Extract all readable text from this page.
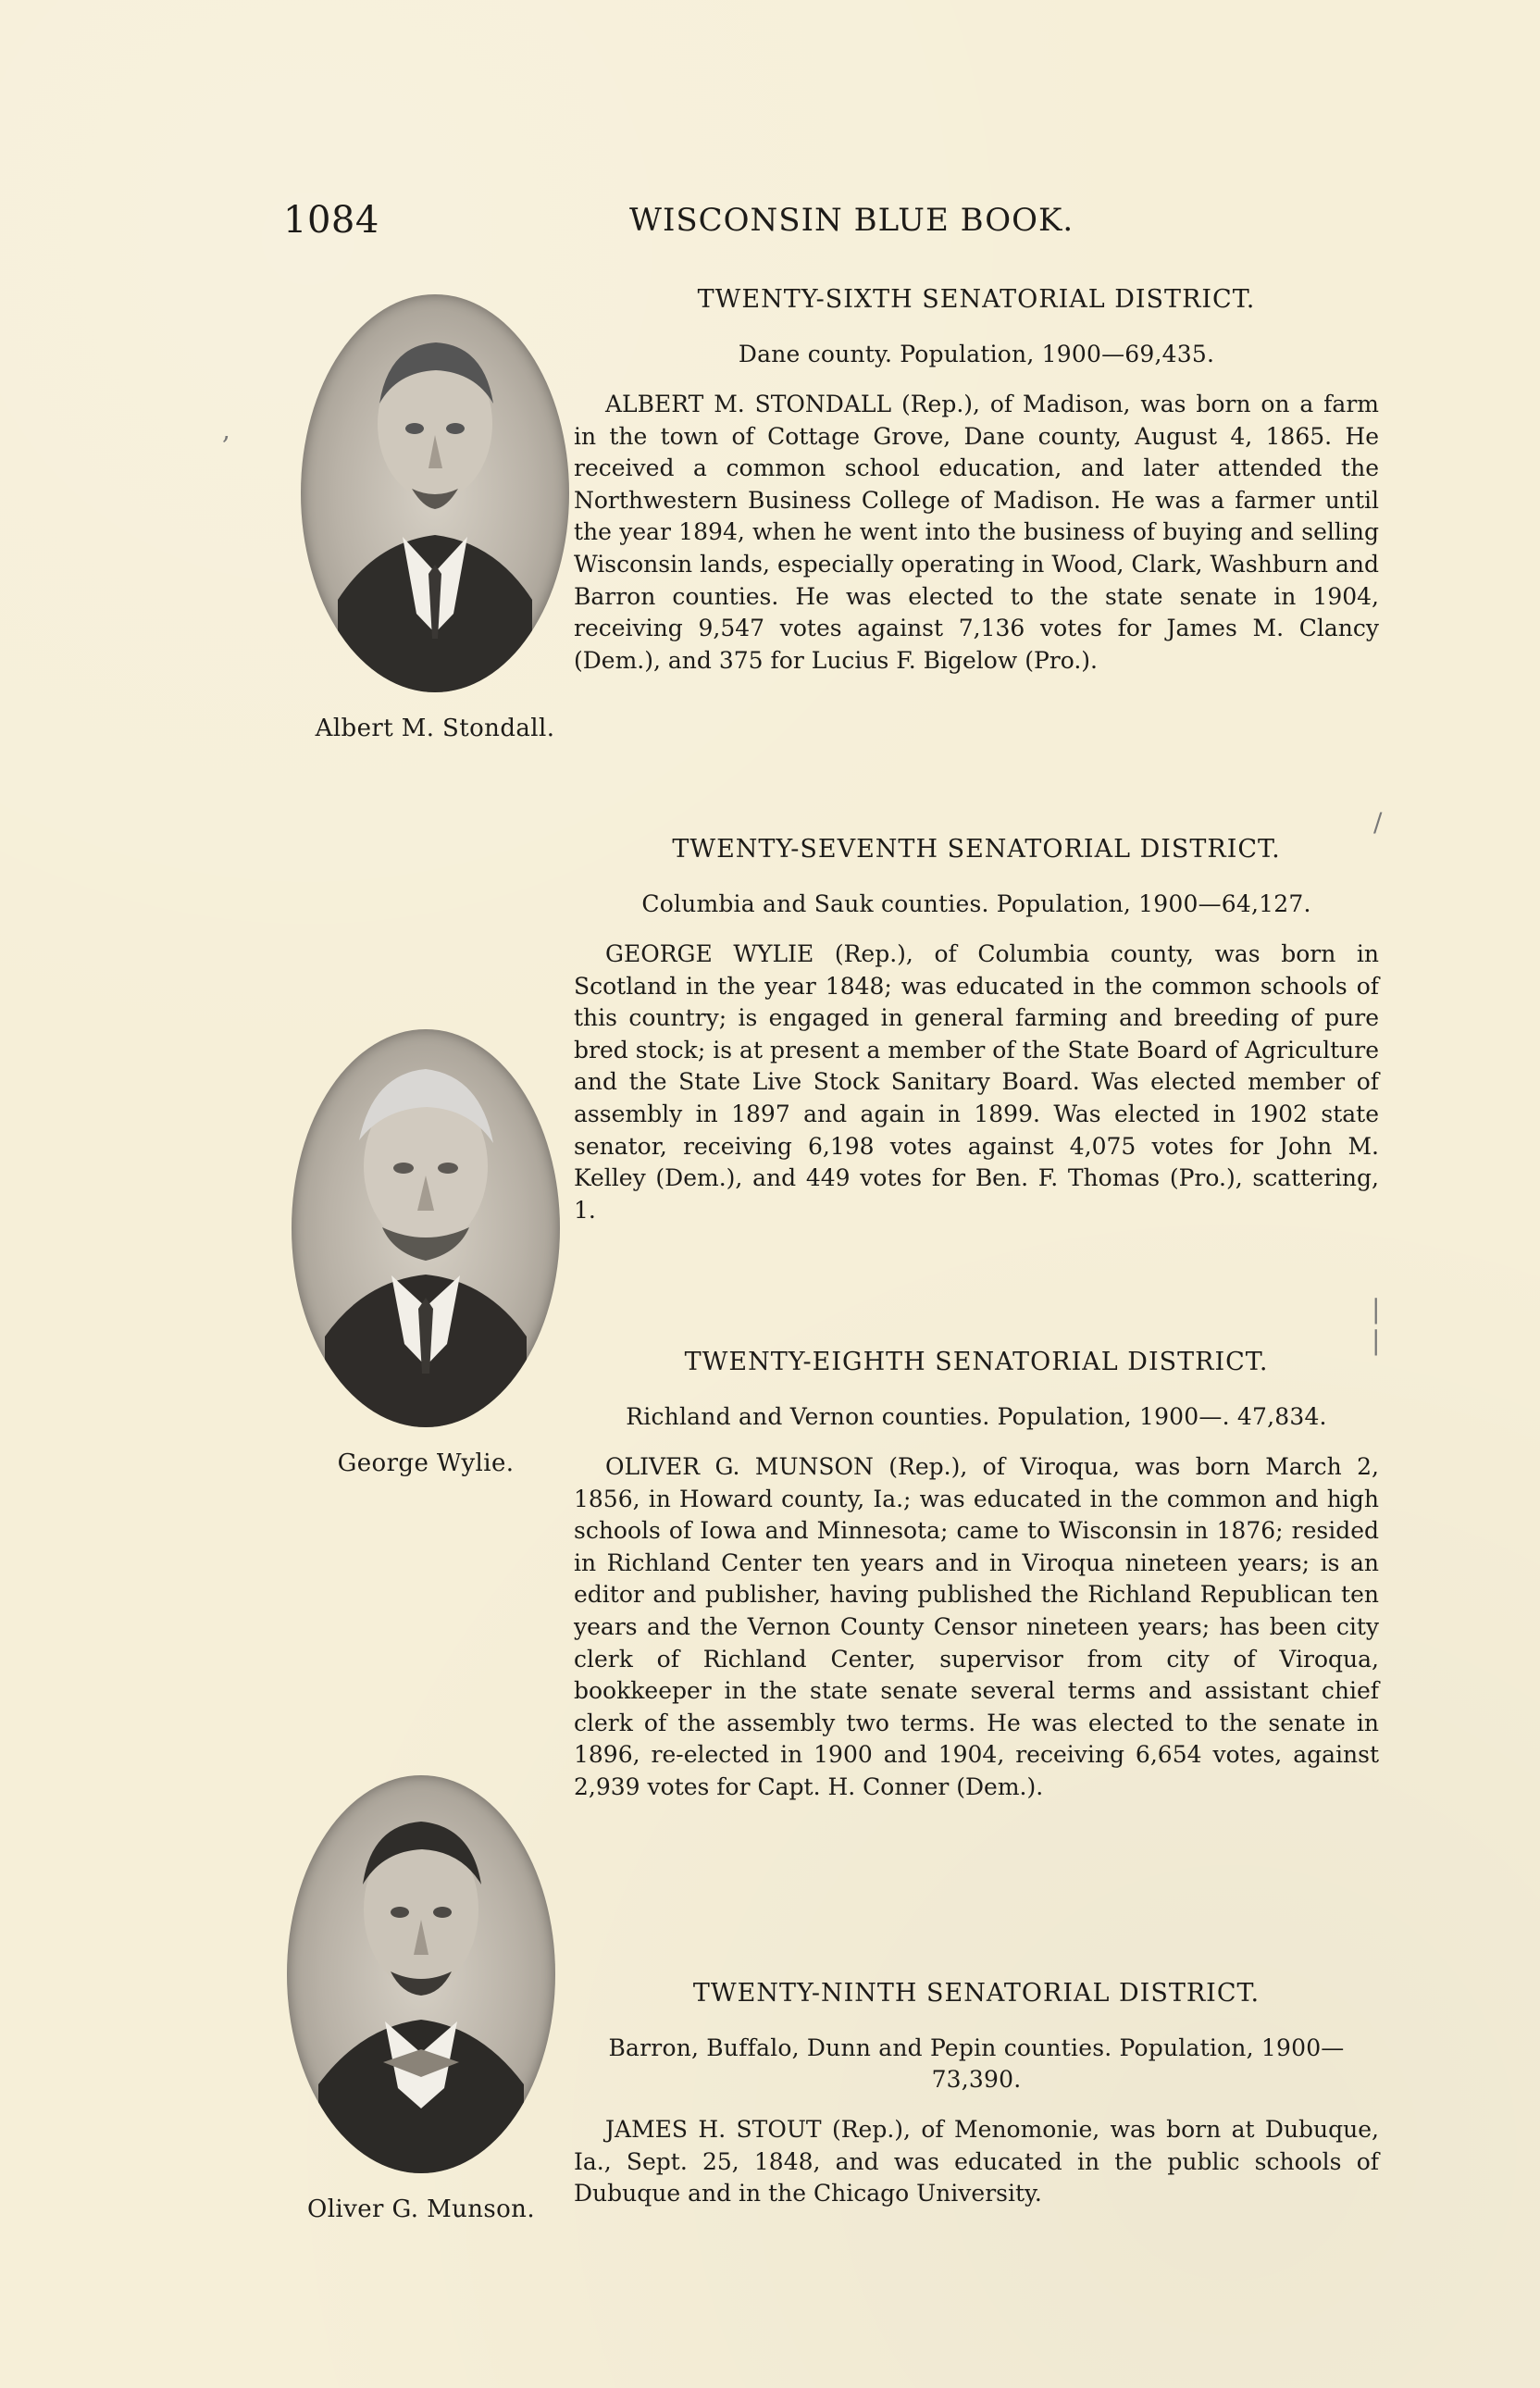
1084	WISCONSIN BLUE BOOK.
Albert M. Stondall.
George Wylie.
Oliver G. Munson.
TWENTY-SIXTH SENATORIAL DISTRICT.
Dane county. Population, 1900—69,435.

ALBERT M. STONDALL (Rep.), of Madison, was born on a farm in the town of Cottage Grove, Dane county, August 4, 1865. He received a common school education, and later attended the Northwestern Business College of Madison. He was a farmer until the year 1894, when he went into the business of buying and selling Wisconsin lands, especially operating in Wood, Clark, Washburn and Barron counties. He was elected to the state senate in 1904, receiving 9,547 votes against 7,136 votes for James M. Clancy (Dem.), and 375 for Lucius F. Bigelow (Pro.).

TWENTY-SEVENTH SENATORIAL DISTRICT.
Columbia and Sauk counties. Population, 1900—64,127.

GEORGE WYLIE (Rep.), of Columbia county, was born in Scotland in the year 1848; was educated in the common schools of this country; is engaged in general farming and breeding of pure bred stock; is at present a member of the State Board of Agriculture and the State Live Stock Sanitary Board. Was elected member of assembly in 1897 and again in 1899. Was elected in 1902 state senator, receiving 6,198 votes against 4,075 votes for John M. Kelley (Dem.), and 449 votes for Ben. F. Thomas (Pro.), scattering, 1.

TWENTY-EIGHTH SENATORIAL DISTRICT.
Richland and Vernon counties. Population, 1900—. 47,834.

OLIVER G. MUNSON (Rep.), of Viroqua, was born March 2, 1856, in Howard county, Ia.; was educated in the common and high schools of Iowa and Minnesota; came to Wisconsin in 1876; resided in Richland Center ten years and in Viroqua nineteen years; is an editor and publisher, having published the Richland Republican ten years and the Vernon County Censor nineteen years; has been city clerk of Richland Center, supervisor from city of Viroqua, bookkeeper in the state senate several terms and assistant chief clerk of the assembly two terms. He was elected to the senate in 1896, re-elected in 1900 and 1904, receiving 6,654 votes, against 2,939 votes for Capt. H. Conner (Dem.).

TWENTY-NINTH SENATORIAL DISTRICT.
Barron, Buffalo, Dunn and Pepin counties. Population, 1900—73,390.

JAMES H. STOUT (Rep.), of Menomonie, was born at Dubuque, Ia., Sept. 25, 1848, and was educated in the public schools of Dubuque and in the Chicago University.

,
/
|
|
